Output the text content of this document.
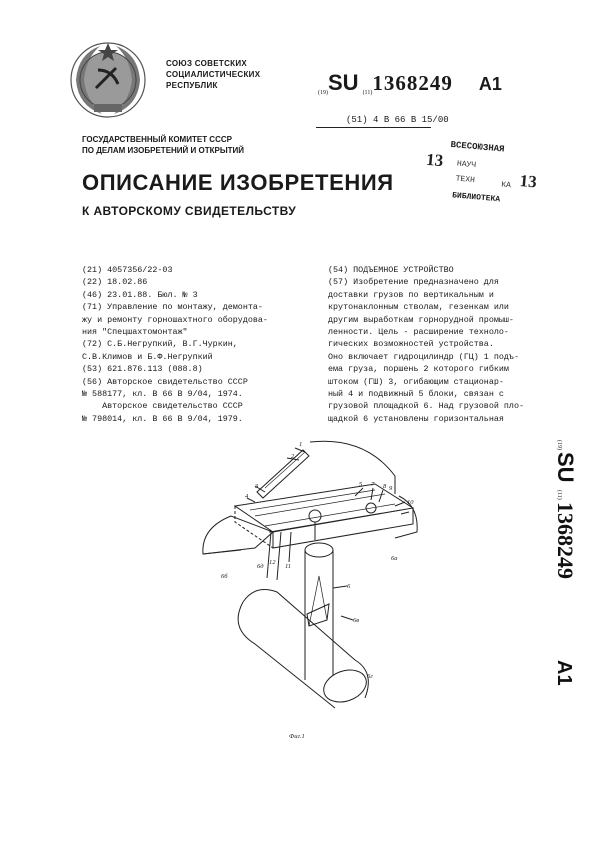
СОЮЗ СОВЕТСКИХ
СОЦИАЛИСТИЧЕСКИХ
РЕСПУБЛИК
(19)SU (11)1368249 A1
(51) 4 B 66 B 15/00
ГОСУДАРСТВЕННЫЙ КОМИТЕТ СССР
ПО ДЕЛАМ ИЗОБРЕТЕНИЙ И ОТКРЫТИЙ
ОПИСАНИЕ ИЗОБРЕТЕНИЯ
К АВТОРСКОМУ СВИДЕТЕЛЬСТВУ
ВСЕСОЮЗНАЯ
13 НАУЧ
ТЕХН
КА 13
БИБЛИОТЕКА
(21) 4057356/22-03
(22) 18.02.86
(46) 23.01.88. Бюл. № 3
(71) Управление по монтажу, демонта-
жу и ремонту горношахтного оборудова-
ния "Спецшахтомонтаж"
(72) С.Б.Негрупкий, В.Г.Чуркин,
С.В.Климов и Б.Ф.Негрупкий
(53) 621.876.113 (088.8)
(56) Авторское свидетельство СССР
№ 588177, кл. В 66 В 9/04, 1974.
Авторское свидетельство СССР
№ 798014, кл. В 66 В 9/04, 1979.

(54) ПОДЪЕМНОЕ УСТРОЙСТВО

(57) Изобретение предназначено для

доставки грузов по вертикальным и

крутонаклонным стволам, гезенкам или

другим выработкам горнорудной промыш-

ленности. Цель - расширение техноло-

гических возможностей устройства.

Оно включает гидроцилиндр (ГЦ) 1 подъ-

ема груза, поршень 2 которого гибким

штоком (ГШ) 3, огибающим стационар-

ный 4 и подвижный 5 блоки, связан с

грузовой площадкой 6. Над грузовой пло-

щадкой 6 установлены горизонтальная

(19)
SU
(11)
1368249
A1
1
2
3
4
5 7 8 9
10
6
6б
6а
6в
6г
6д	11
12
Фиг.1
